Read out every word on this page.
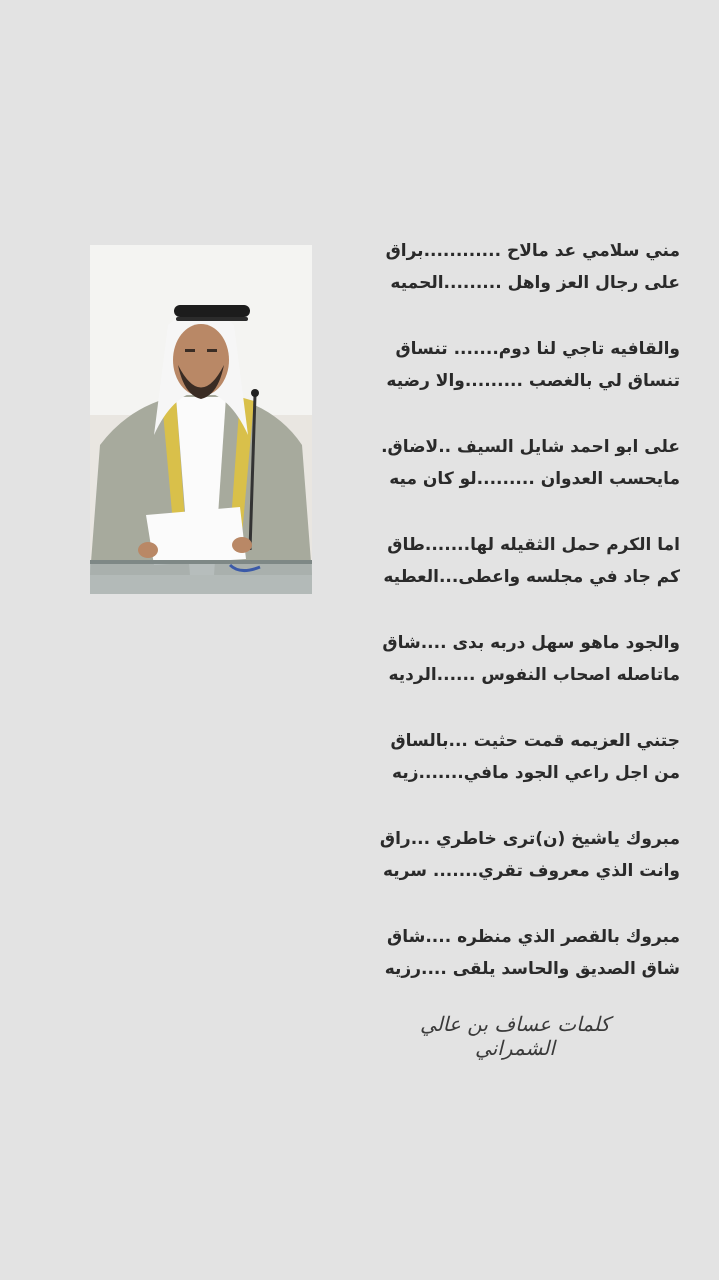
مني سلامي عد مالاح ............براق
على رجال العز واهل .........الحميه
والقافيه تاجي لنا دوم....... تنساق
تنساق لي بالغصب .........والا رضيه
على ابو احمد شايل السيف ..لاضاق.
مايحسب العدوان .........لو كان ميه
اما الكرم حمل الثقيله لها.......طاق
كم جاد في مجلسه واعطى...العطيه
والجود ماهو سهل دربه بدى ....شاق
ماتاصله اصحاب النفوس ......الرديه
جتني العزيمه قمت حثيت ...بالساق
من اجل راعي الجود مافي.......زيه
مبروك ياشيخ (ن)ترى خاطري ...راق
وانت الذي معروف تقري....... سريه
مبروك بالقصر الذي منظره ....شاق
شاق الصديق والحاسد يلقى ....رزيه
كلمات عساف بن عالي الشمراني
